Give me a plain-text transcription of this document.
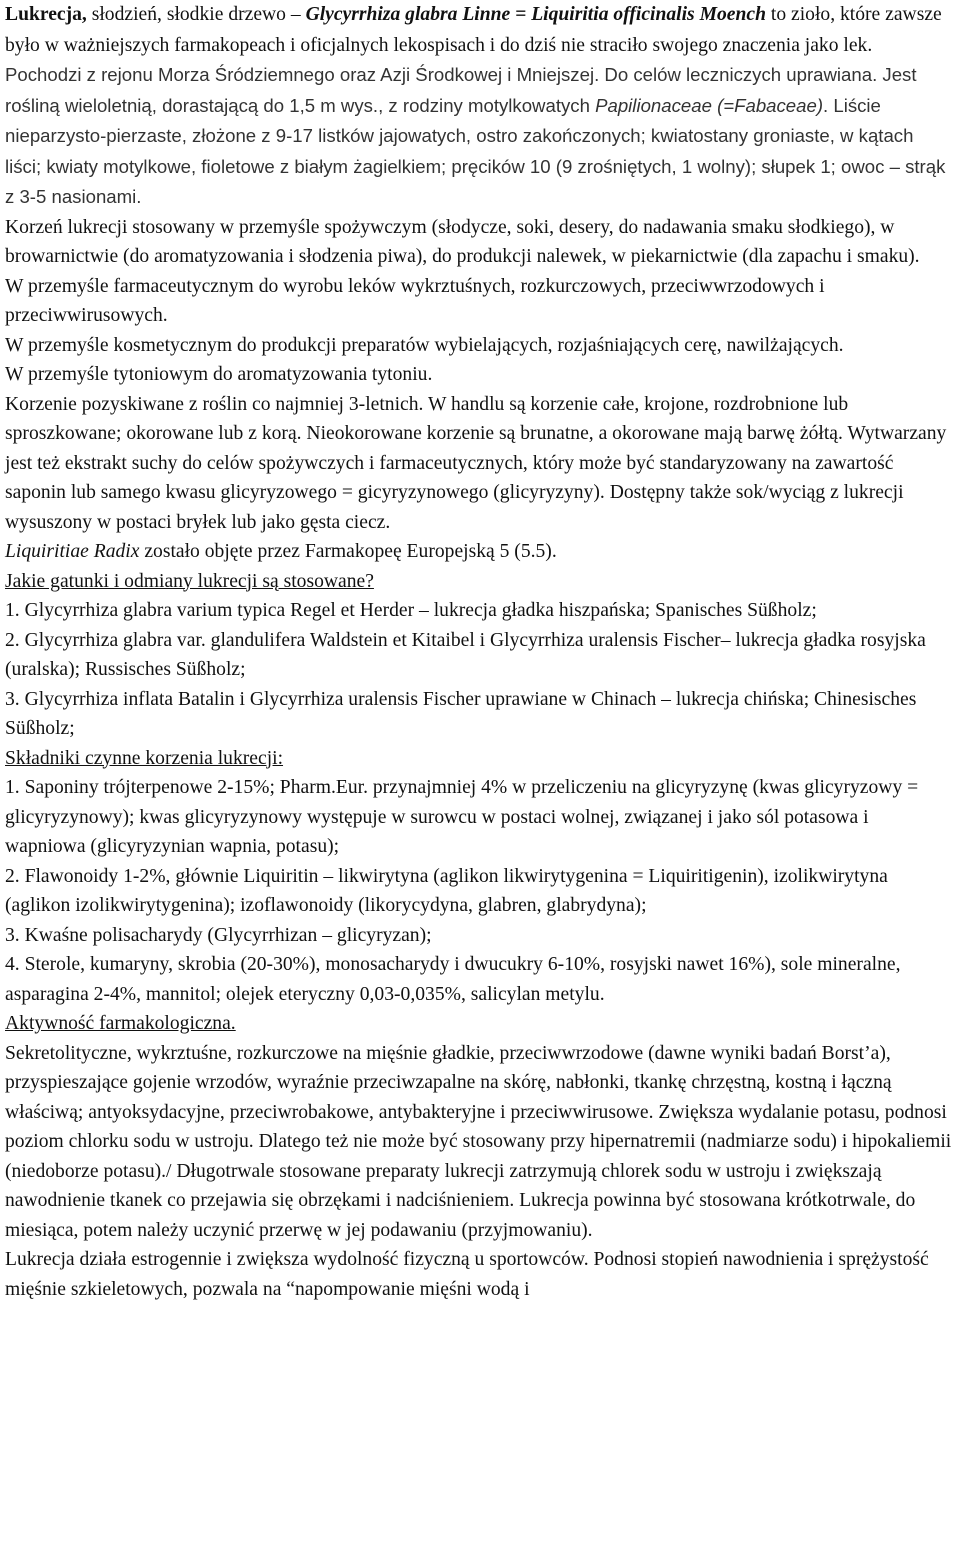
Lukrecja, słodzień, słodkie drzewo – Glycyrrhiza glabra Linne = Liquiritia officinalis Moench to zioło, które zawsze było w ważniejszych farmakopeach i oficjalnych lekospisach i do dziś nie straciło swojego znaczenia jako lek. Pochodzi z rejonu Morza Śródziemnego oraz Azji Środkowej i Mniejszej. Do celów leczniczych uprawiana. Jest rośliną wieloletnią, dorastającą do 1,5 m wys., z rodziny motylkowatych Papilionaceae (=Fabaceae). Liście nieparzysto-pierzaste, złożone z 9-17 listków jajowatych, ostro zakończonych; kwiatostany groniaste, w kątach liści; kwiaty motylkowe, fioletowe z białym żagielkiem; pręcików 10 (9 zrośniętych, 1 wolny); słupek 1; owoc – strąk z 3-5 nasionami.
Korzeń lukrecji stosowany w przemyśle spożywczym (słodycze, soki, desery, do nadawania smaku słodkiego), w browarnictwie (do aromatyzowania i słodzenia piwa), do produkcji nalewek, w piekarnictwie (dla zapachu i smaku).
W przemyśle farmaceutycznym do wyrobu leków wykrztuśnych, rozkurczowych, przeciwwrzodowych i przeciwwirusowych.
W przemyśle kosmetycznym do produkcji preparatów wybielających, rozjaśniających cerę, nawilżających.
W przemyśle tytoniowym do aromatyzowania tytoniu.
Korzenie pozyskiwane z roślin co najmniej 3-letnich. W handlu są korzenie całe, krojone, rozdrobnione lub sproszkowane; okorowane lub z korą. Nieokorowane korzenie są brunatne, a okorowane mają barwę żółtą. Wytwarzany jest też ekstrakt suchy do celów spożywczych i farmaceutycznych, który może być standaryzowany na zawartość saponin lub samego kwasu glicyryzowego = gicyryzynowego (glicyryzyny). Dostępny także sok/wyciąg z lukrecji wysuszony w postaci bryłek lub jako gęsta ciecz.
Liquiritiae Radix zostało objęte przez Farmakopeę Europejską 5 (5.5).
Jakie gatunki i odmiany lukrecji są stosowane?
1. Glycyrrhiza glabra varium typica Regel et Herder – lukrecja gładka hiszpańska; Spanisches Süßholz;
2. Glycyrrhiza glabra var. glandulifera Waldstein et Kitaibel i Glycyrrhiza uralensis Fischer– lukrecja gładka rosyjska (uralska); Russisches Süßholz;
3. Glycyrrhiza inflata Batalin i Glycyrrhiza uralensis Fischer uprawiane w Chinach – lukrecja chińska; Chinesisches Süßholz;
Składniki czynne korzenia lukrecji:
1. Saponiny trójterpenowe 2-15%; Pharm.Eur. przynajmniej 4% w przeliczeniu na glicyryzynę (kwas glicyryzowy = glicyryzynowy); kwas glicyryzynowy występuje w surowcu w postaci wolnej, związanej i jako sól potasowa i wapniowa (glicyryzynian wapnia, potasu);
2. Flawonoidy 1-2%, głównie Liquiritin – likwirytyna (aglikon likwirytygenina = Liquiritigenin), izolikwirytyna (aglikon izolikwirytygenina); izoflawonoidy (likorycydyna, glabren, glabrydyna);
3. Kwaśne polisacharydy (Glycyrrhizan – glicyryzan);
4. Sterole, kumaryny, skrobia (20-30%), monosacharydy i dwucukry 6-10%, rosyjski nawet 16%), sole mineralne, asparagina 2-4%, mannitol; olejek eteryczny 0,03-0,035%, salicylan metylu.
Aktywność farmakologiczna.
Sekretolityczne, wykrztuśne, rozkurczowe na mięśnie gładkie, przeciwwrzodowe (dawne wyniki badań Borst’a), przyspieszające gojenie wrzodów, wyraźnie przeciwzapalne na skórę, nabłonki, tkankę chrzęstną, kostną i łączną właściwą; antyoksydacyjne, przeciwrobakowe, antybakteryjne i przeciwwirusowe. Zwiększa wydalanie potasu, podnosi poziom chlorku sodu w ustroju. Dlatego też nie może być stosowany przy hipernatremii (nadmiarze sodu) i hipokaliemii (niedoborze potasu)./ Długotrwale stosowane preparaty lukrecji zatrzymują chlorek sodu w ustroju i zwiększają nawodnienie tkanek co przejawia się obrzękami i nadciśnieniem. Lukrecja powinna być stosowana krótkotrwale, do miesiąca, potem należy uczynić przerwę w jej podawaniu (przyjmowaniu).
Lukrecja działa estrogennie i zwiększa wydolność fizyczną u sportowców. Podnosi stopień nawodnienia i sprężystość mięśnie szkieletowych, pozwala na “napompowanie mięśni wodą i
